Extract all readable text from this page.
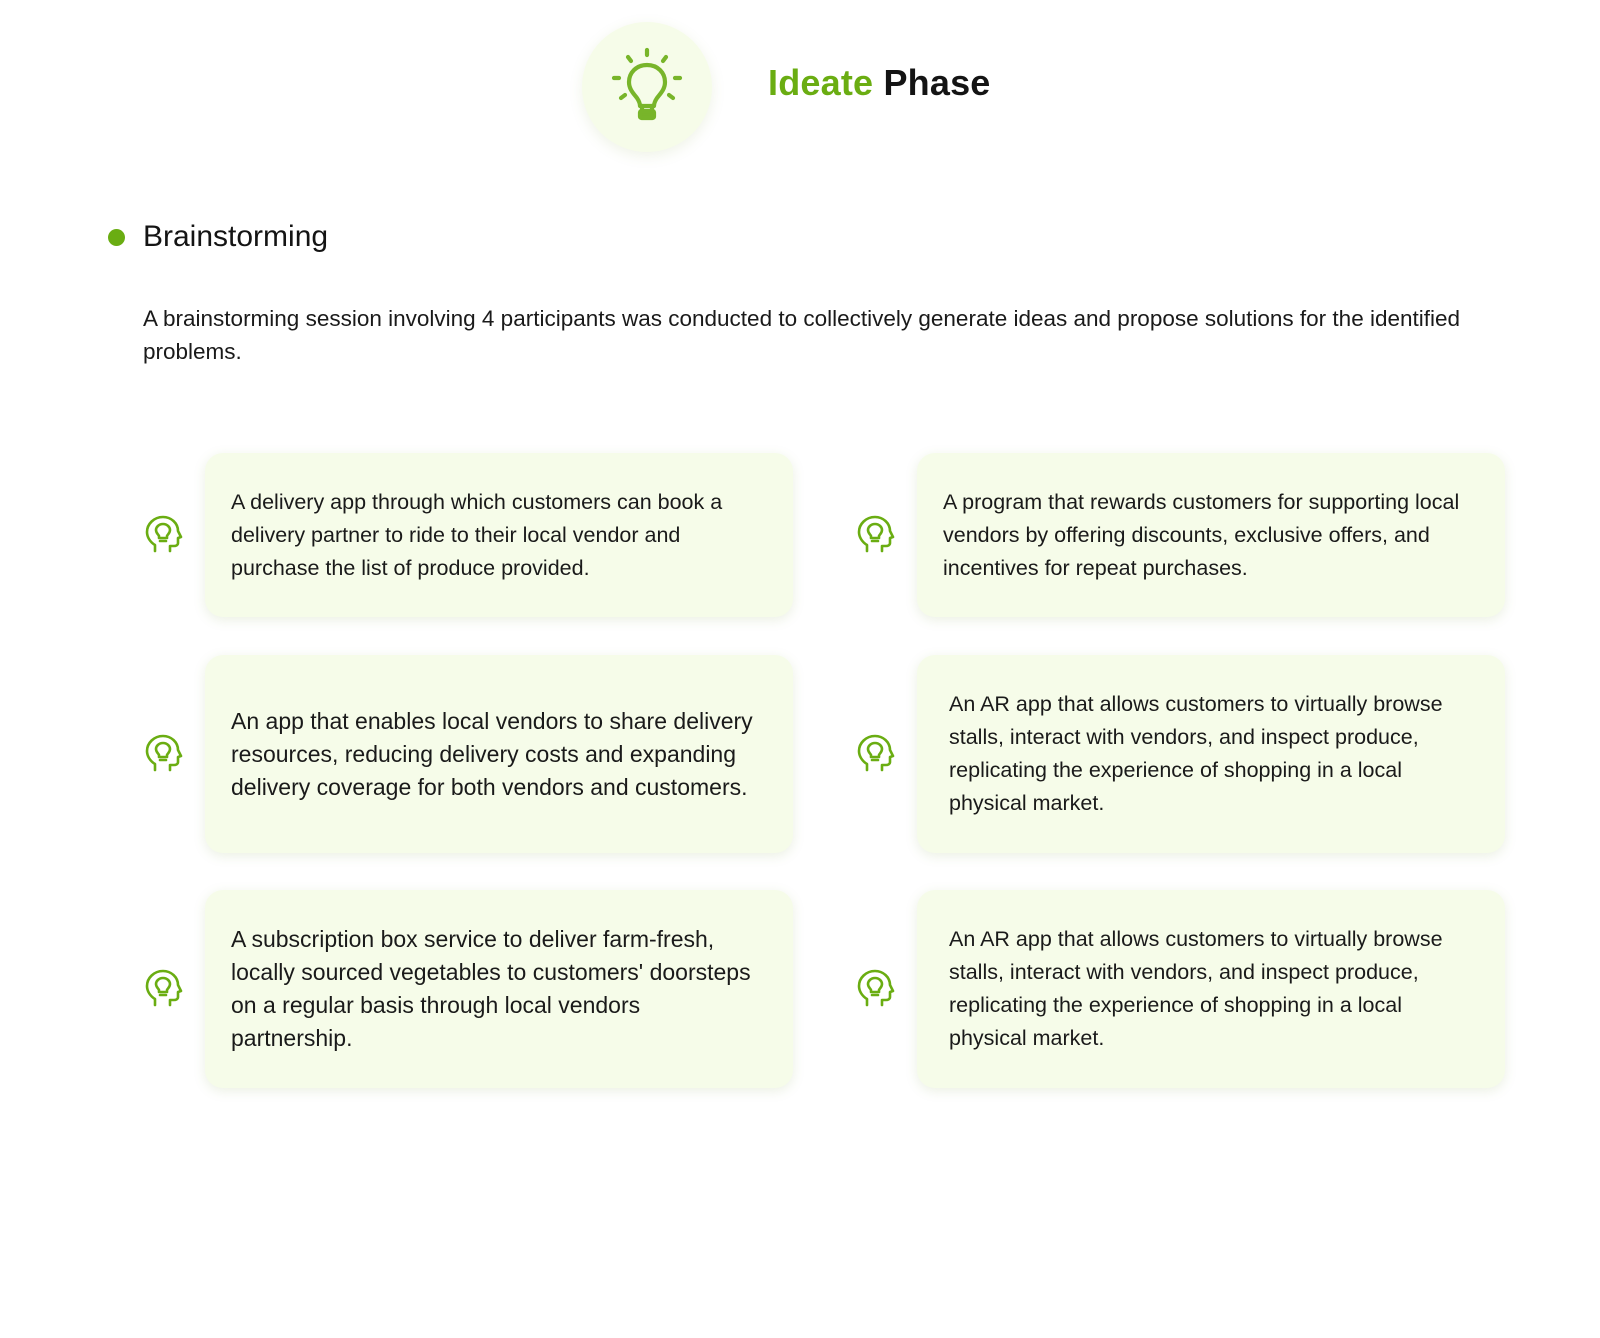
Ideate Phase
Brainstorming
A brainstorming session involving 4 participants was conducted to collectively generate ideas and propose solutions for the identified problems.

A delivery app through which customers can book a delivery partner to ride to their local vendor and purchase the list of produce provided.

A program that rewards customers for supporting local vendors by offering discounts, exclusive offers, and incentives for repeat purchases.

An app that enables local vendors to share delivery resources, reducing delivery costs and expanding delivery coverage for both vendors and customers.

An AR app that allows customers to virtually browse stalls, interact with vendors, and inspect produce, replicating the experience of shopping in a local physical market.

A subscription box service to deliver farm-fresh, locally sourced vegetables to customers' doorsteps on a regular basis through local vendors partnership.

An AR app that allows customers to virtually browse stalls, interact with vendors, and inspect produce, replicating the experience of shopping in a local physical market.
